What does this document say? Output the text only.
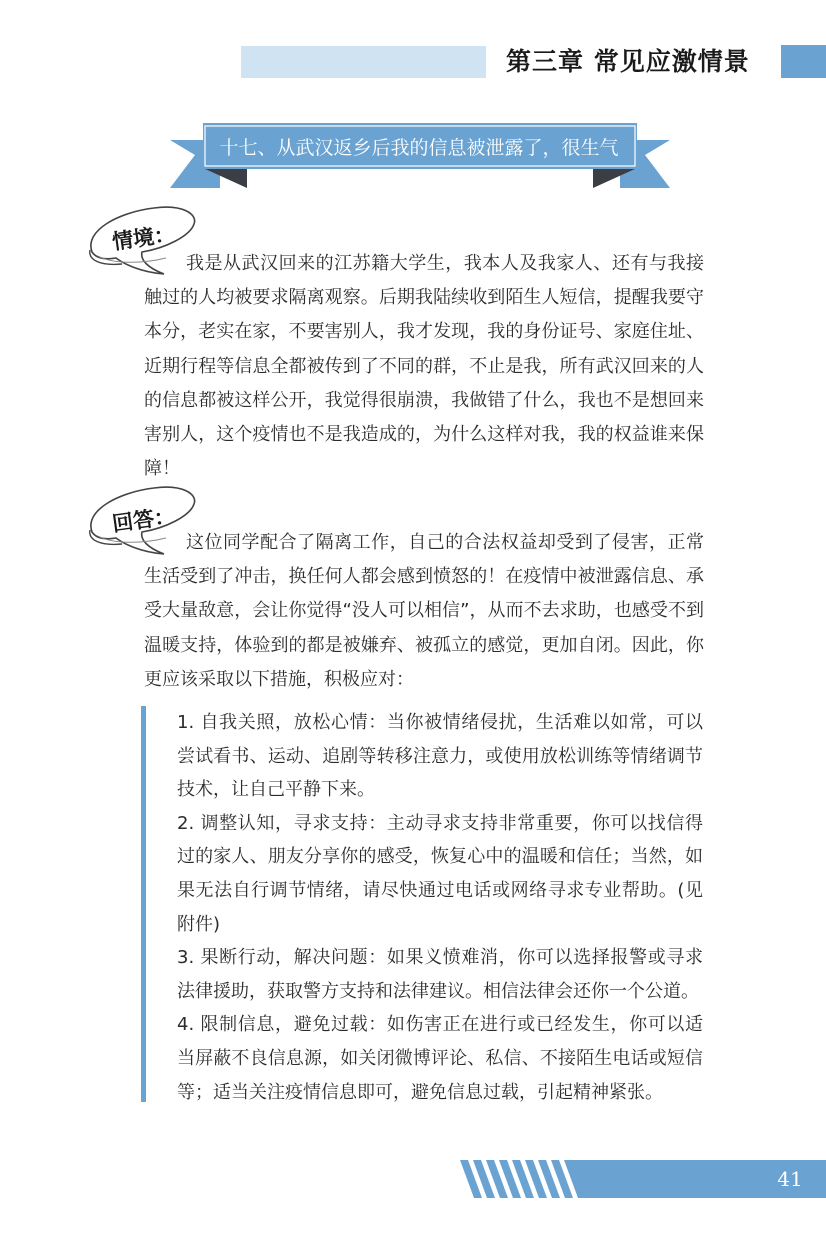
第三章 常见应激情景
十七、从武汉返乡后我的信息被泄露了，很生气
情境：

我是从武汉回来的江苏籍大学生，我本人及我家人、还有与我接触过的人均被要求隔离观察。后期我陆续收到陌生人短信，提醒我要守本分，老实在家，不要害别人，我才发现，我的身份证号、家庭住址、近期行程等信息全都被传到了不同的群，不止是我，所有武汉回来的人的信息都被这样公开，我觉得很崩溃，我做错了什么，我也不是想回来害别人，这个疫情也不是我造成的，为什么这样对我，我的权益谁来保障！

回答：

这位同学配合了隔离工作，自己的合法权益却受到了侵害，正常生活受到了冲击，换任何人都会感到愤怒的！在疫情中被泄露信息、承受大量敌意，会让你觉得“没人可以相信”，从而不去求助，也感受不到温暖支持，体验到的都是被嫌弃、被孤立的感觉，更加自闭。因此，你更应该采取以下措施，积极应对：

1. 自我关照，放松心情：当你被情绪侵扰，生活难以如常，可以尝试看书、运动、追剧等转移注意力，或使用放松训练等情绪调节技术，让自己平静下来。

2. 调整认知，寻求支持：主动寻求支持非常重要，你可以找信得过的家人、朋友分享你的感受，恢复心中的温暖和信任；当然，如果无法自行调节情绪，请尽快通过电话或网络寻求专业帮助。(见附件)

3. 果断行动，解决问题：如果义愤难消，你可以选择报警或寻求法律援助，获取警方支持和法律建议。相信法律会还你一个公道。

4. 限制信息，避免过载：如伤害正在进行或已经发生，你可以适当屏蔽不良信息源，如关闭微博评论、私信、不接陌生电话或短信等；适当关注疫情信息即可，避免信息过载，引起精神紧张。

41
